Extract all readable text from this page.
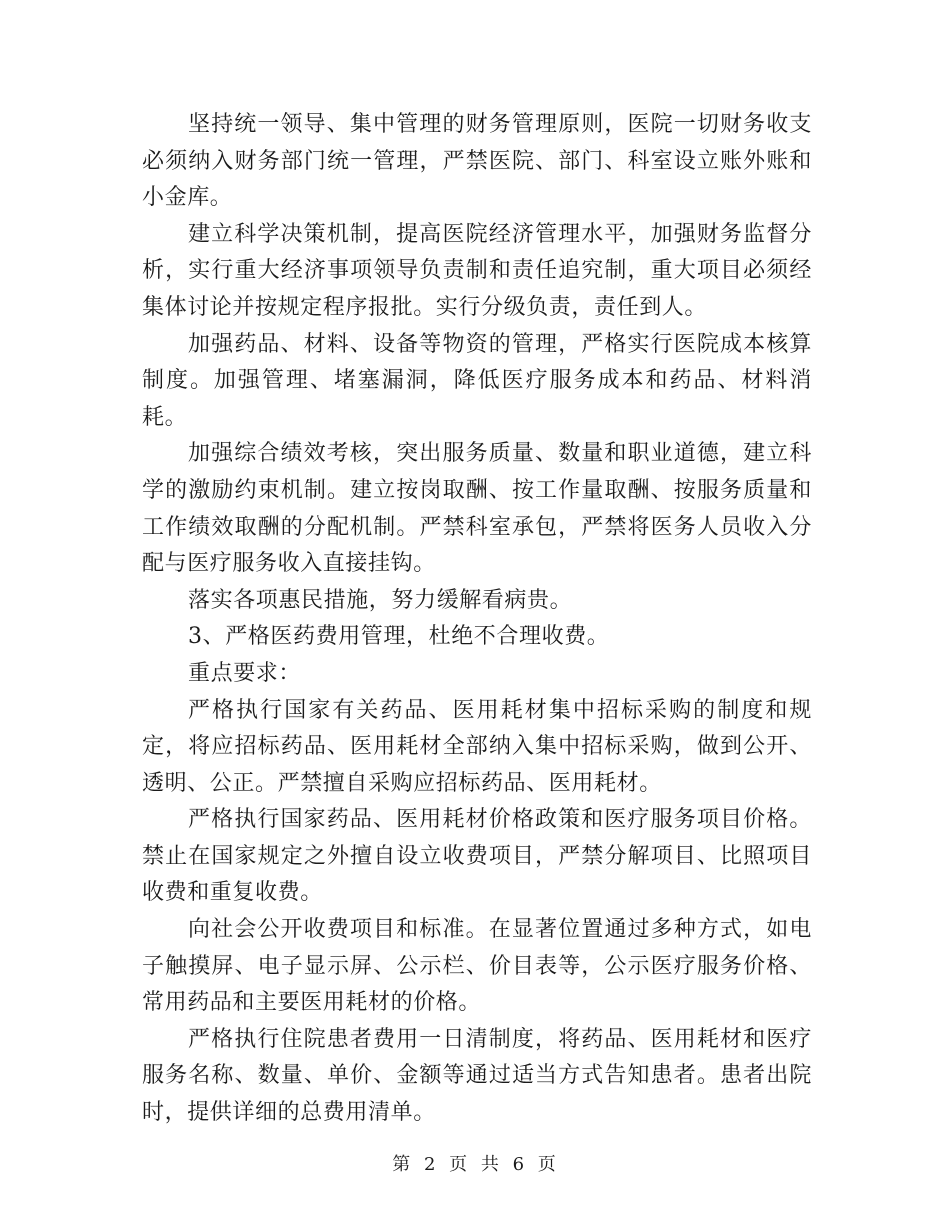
坚持统一领导、集中管理的财务管理原则，医院一切财务收支必须纳入财务部门统一管理，严禁医院、部门、科室设立账外账和小金库。

建立科学决策机制，提高医院经济管理水平，加强财务监督分析，实行重大经济事项领导负责制和责任追究制，重大项目必须经集体讨论并按规定程序报批。实行分级负责，责任到人。

加强药品、材料、设备等物资的管理，严格实行医院成本核算制度。加强管理、堵塞漏洞，降低医疗服务成本和药品、材料消耗。

加强综合绩效考核，突出服务质量、数量和职业道德，建立科学的激励约束机制。建立按岗取酬、按工作量取酬、按服务质量和工作绩效取酬的分配机制。严禁科室承包，严禁将医务人员收入分配与医疗服务收入直接挂钩。

落实各项惠民措施，努力缓解看病贵。

3、严格医药费用管理，杜绝不合理收费。

重点要求：

严格执行国家有关药品、医用耗材集中招标采购的制度和规定，将应招标药品、医用耗材全部纳入集中招标采购，做到公开、透明、公正。严禁擅自采购应招标药品、医用耗材。

严格执行国家药品、医用耗材价格政策和医疗服务项目价格。禁止在国家规定之外擅自设立收费项目，严禁分解项目、比照项目收费和重复收费。

向社会公开收费项目和标准。在显著位置通过多种方式，如电子触摸屏、电子显示屏、公示栏、价目表等，公示医疗服务价格、常用药品和主要医用耗材的价格。

严格执行住院患者费用一日清制度，将药品、医用耗材和医疗服务名称、数量、单价、金额等通过适当方式告知患者。患者出院时，提供详细的总费用清单。

第 2 页 共 6 页
